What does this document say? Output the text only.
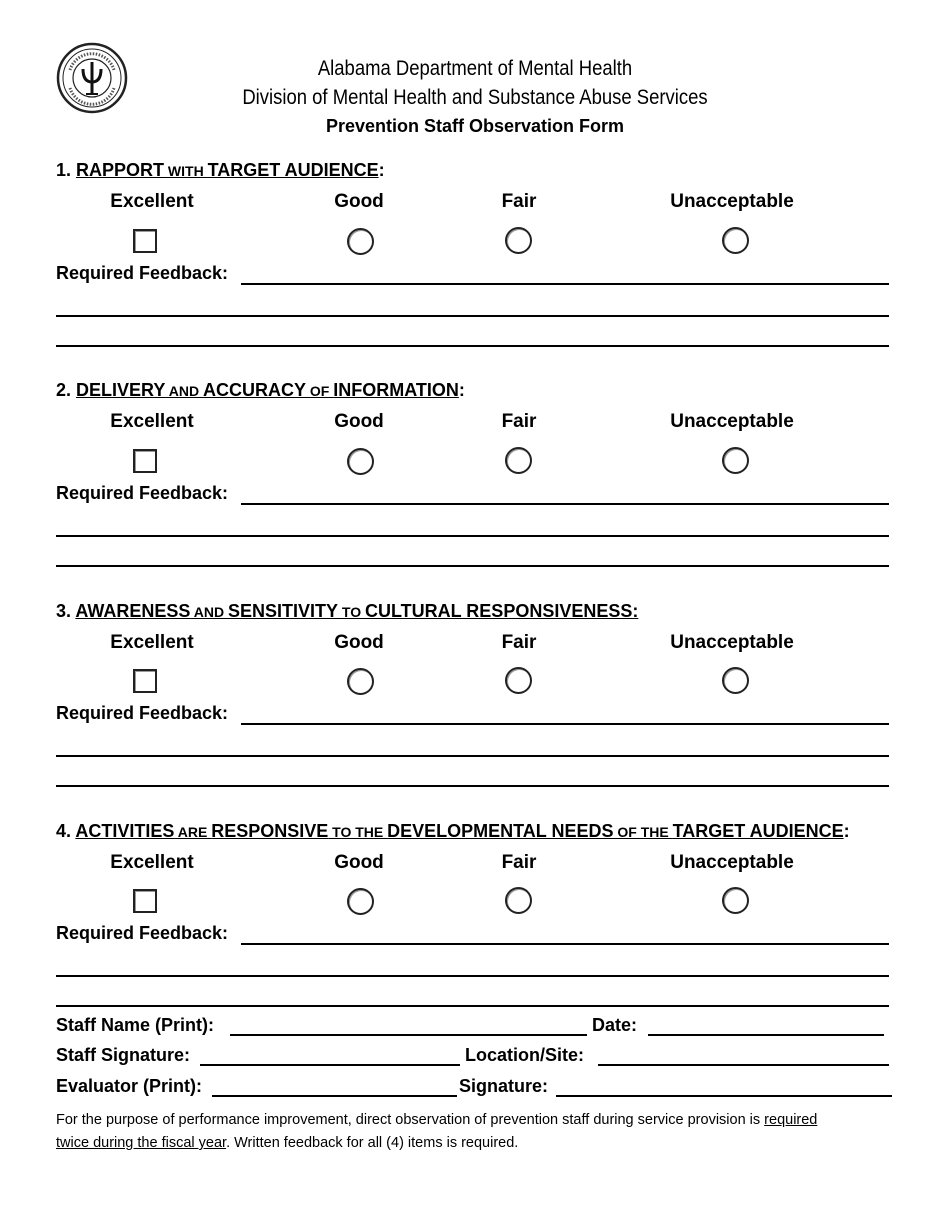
Alabama Department of Mental Health
Division of Mental Health and Substance Abuse Services
Prevention Staff Observation Form
1. RAPPORT WITH TARGET AUDIENCE:
Excellent	Good	Fair	Unacceptable
Required Feedback:
2. DELIVERY AND ACCURACY OF INFORMATION:
Excellent	Good	Fair	Unacceptable
Required Feedback:
3. AWARENESS AND SENSITIVITY TO CULTURAL RESPONSIVENESS:
Excellent	Good	Fair	Unacceptable
Required Feedback:
4. ACTIVITIES ARE RESPONSIVE TO THE DEVELOPMENTAL NEEDS OF THE TARGET AUDIENCE:
Excellent	Good	Fair	Unacceptable
Required Feedback:
Staff Name (Print):	Date:
Staff Signature:	Location/Site:
Evaluator (Print):	Signature:
For the purpose of performance improvement, direct observation of prevention staff during service provision is required
twice during the fiscal year. Written feedback for all (4) items is required.
